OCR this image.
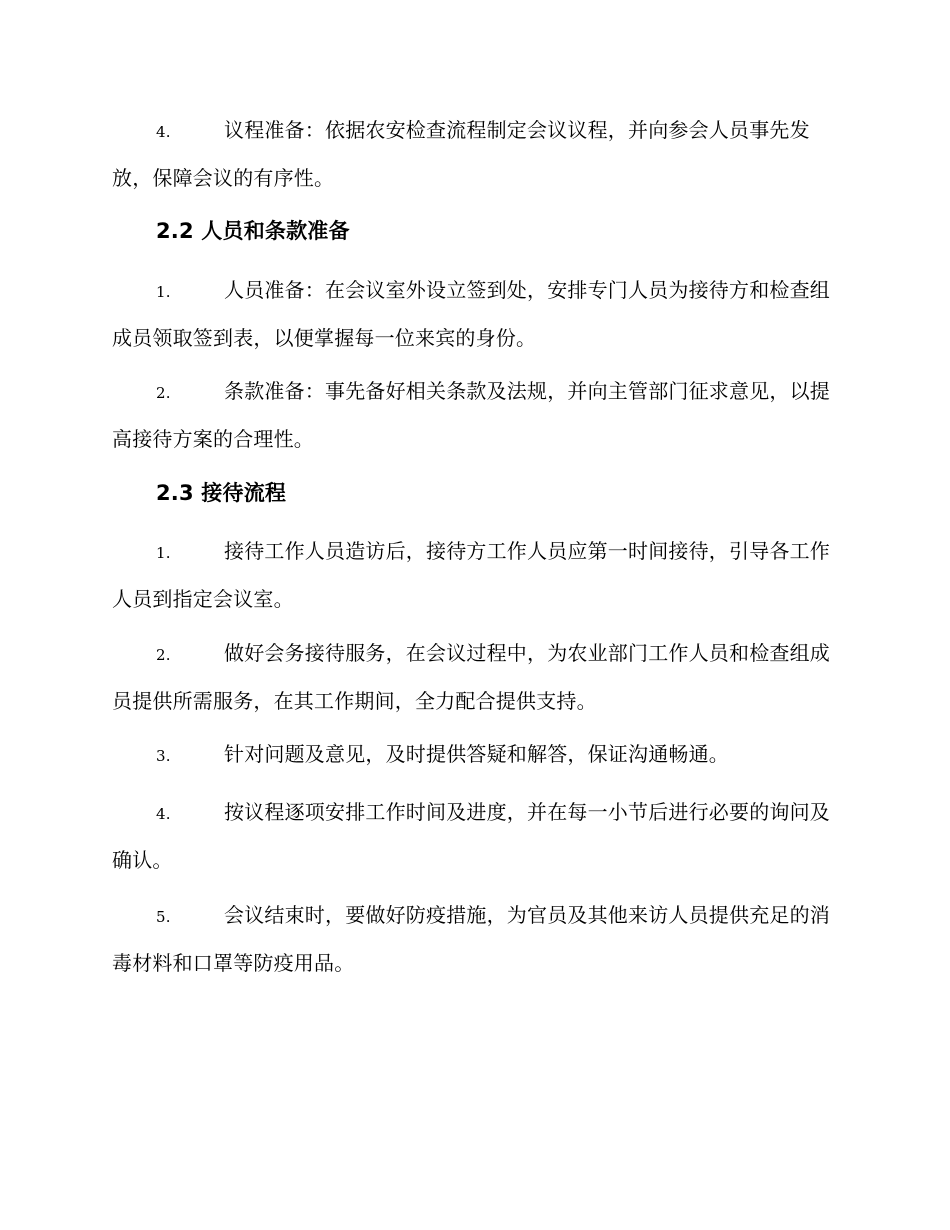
4.	议程准备：依据农安检查流程制定会议议程，并向参会人员事先发放，保障会议的有序性。
2.2 人员和条款准备
1.	人员准备：在会议室外设立签到处，安排专门人员为接待方和检查组成员领取签到表，以便掌握每一位来宾的身份。
2.	条款准备：事先备好相关条款及法规，并向主管部门征求意见，以提高接待方案的合理性。
2.3 接待流程
1.	接待工作人员造访后，接待方工作人员应第一时间接待，引导各工作人员到指定会议室。
2.	做好会务接待服务，在会议过程中，为农业部门工作人员和检查组成员提供所需服务，在其工作期间，全力配合提供支持。
3.	针对问题及意见，及时提供答疑和解答，保证沟通畅通。
4.	按议程逐项安排工作时间及进度，并在每一小节后进行必要的询问及确认。
5.	会议结束时，要做好防疫措施，为官员及其他来访人员提供充足的消毒材料和口罩等防疫用品。
